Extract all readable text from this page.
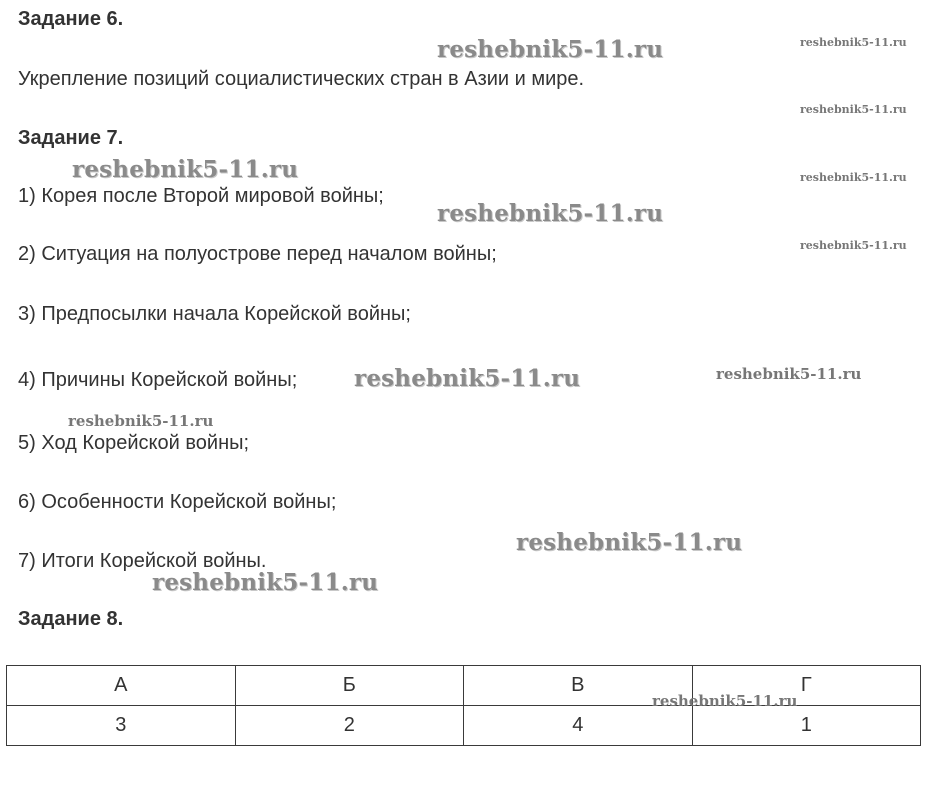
Задание 6.
Укрепление позиций социалистических стран в Азии и мире.
Задание 7.
1) Корея после Второй мировой войны;
2) Ситуация на полуострове перед началом войны;
3) Предпосылки начала Корейской войны;
4) Причины Корейской войны;
5) Ход Корейской войны;
6) Особенности Корейской войны;
7) Итоги Корейской войны.
Задание 8.
А	Б	В	Г
3	2	4	1
reshebnik5-11.ru	reshebnik5-11.ru
reshebnik5-11.ru
reshebnik5-11.ru	reshebnik5-11.ru
reshebnik5-11.ru
reshebnik5-11.ru
reshebnik5-11.ru	reshebnik5-11.ru
reshebnik5-11.ru
reshebnik5-11.ru
reshebnik5-11.ru
reshebnik5-11.ru
